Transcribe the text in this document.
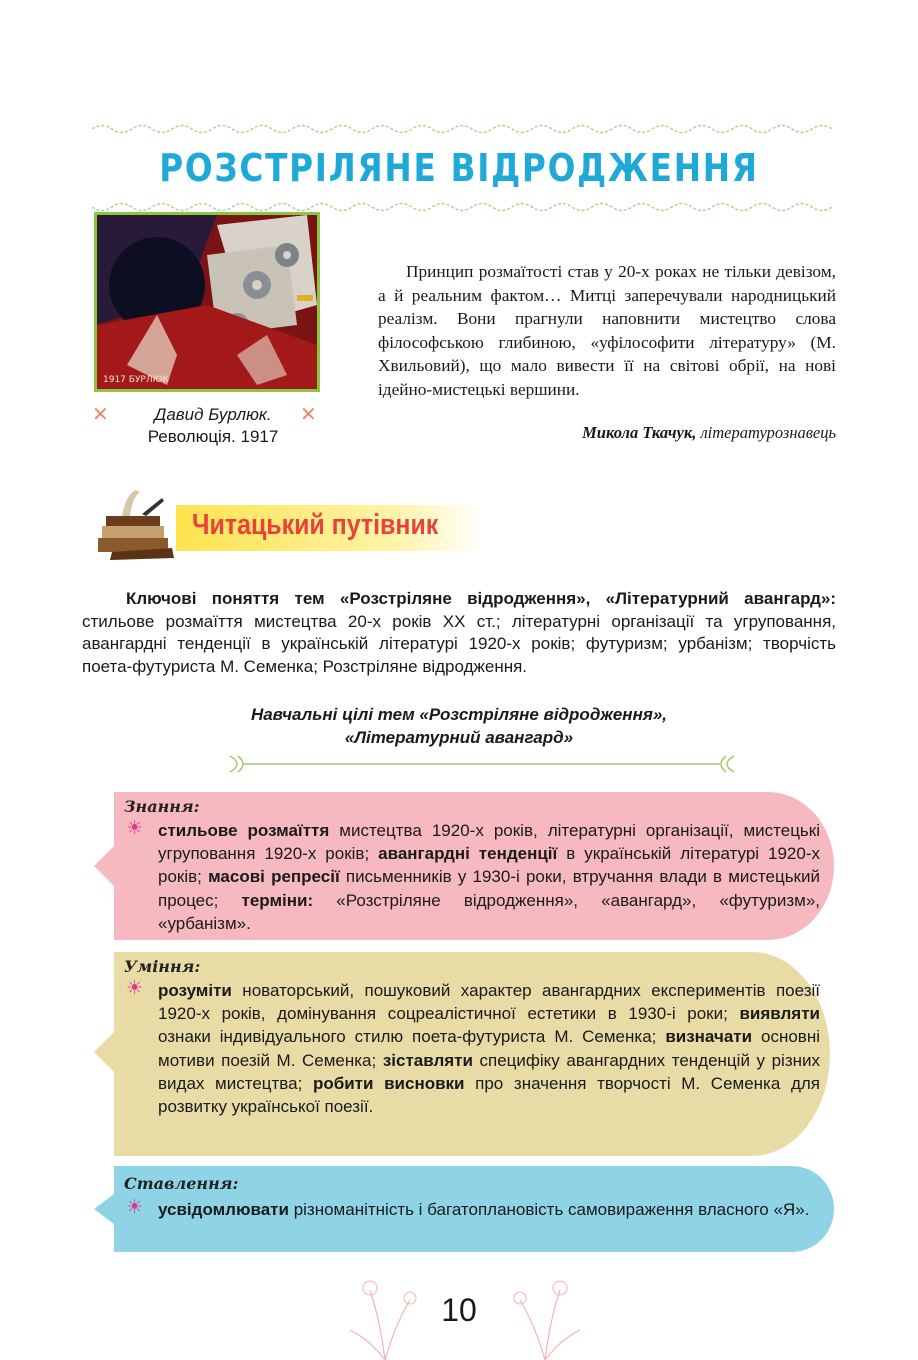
РОЗСТРІЛЯНЕ ВІДРОДЖЕННЯ
1917 БУРЛЮК
✕	Давид Бурлюк.
Революція. 1917
✕

Принцип розмаїтості став у 20-х роках не тільки девізом, а й реальним фактом… Митці заперечували народницький реалізм. Вони прагнули наповнити мистецтво слова філософською глибиною, «уфілософити літературу» (М. Хвильовий), що мало вивести її на світові обрії, на нові ідейно-мистецькі вершини.

Микола Ткачук, літературознавець
Читацький путівник

Ключові поняття тем «Розстріляне відродження», «Літературний авангард»: стильове розмаїття мистецтва 20-х років XX ст.; літературні організації та угруповання, авангардні тенденції в українській літературі 1920-х років; футуризм; урбанізм; творчість поета-футуриста М. Семенка; Розстріляне відродження.

Навчальні цілі тем «Розстріляне відродження»,
«Літературний авангард»
Знання:
☀ стильове розмаїття мистецтва 1920-х років, літературні організації, мистецькі угруповання 1920-х років; авангардні тенденції в українській літературі 1920-х років; масові репресії письменників у 1930-і роки, втручання влади в мистецький процес; терміни: «Розстріляне відродження», «авангард», «футуризм», «урбанізм».
Уміння:
☀ розуміти новаторський, пошуковий характер авангардних експериментів поезії 1920-х років, домінування соцреалістичної естетики в 1930-і роки; виявляти ознаки індивідуального стилю поета-футуриста М. Семенка; визначати основні мотиви поезій М. Семенка; зіставляти специфіку авангардних тенденцій у різних видах мистецтва; робити висновки про значення творчості М. Семенка для розвитку української поезії.
Ставлення:
☀ усвідомлювати різноманітність і багатоплановість самовираження власного «Я».
10
